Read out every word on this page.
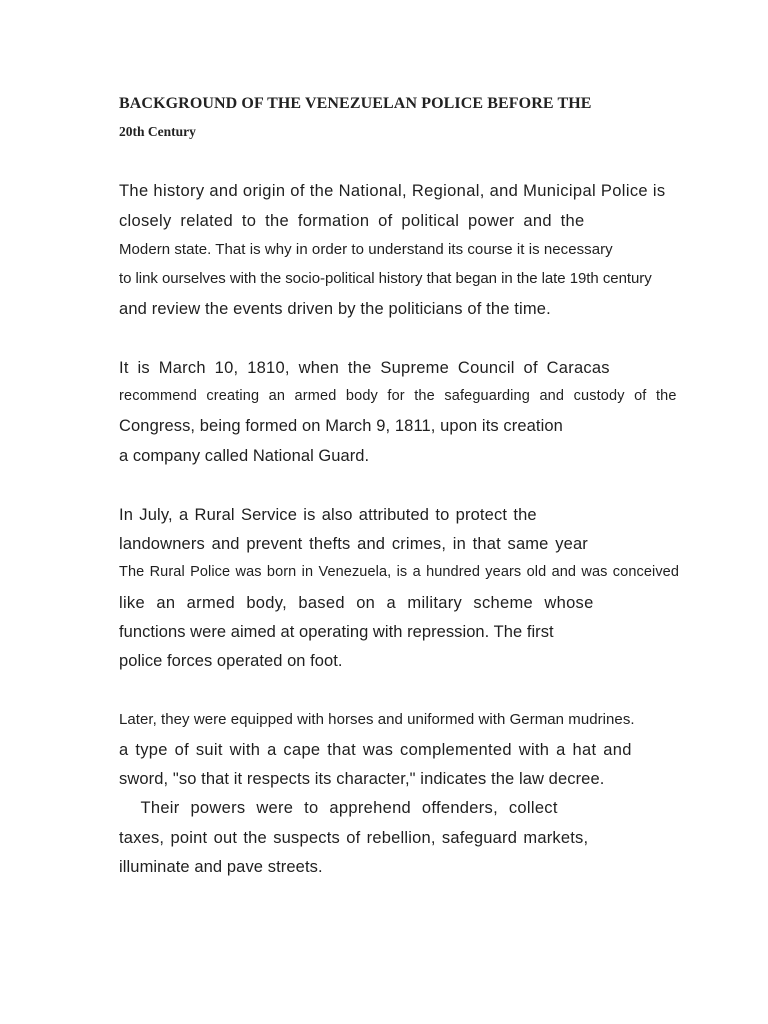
BACKGROUND OF THE VENEZUELAN POLICE BEFORE THE
20th Century
The history and origin of the National, Regional, and Municipal Police is
closely related to the formation of political power and the
Modern state. That is why in order to understand its course it is necessary
to link ourselves with the socio-political history that began in the late 19th century
and review the events driven by the politicians of the time.
It is March 10, 1810, when the Supreme Council of Caracas
recommend creating an armed body for the safeguarding and custody of the
Congress, being formed on March 9, 1811, upon its creation
a company called National Guard.
In July, a Rural Service is also attributed to protect the
landowners and prevent thefts and crimes, in that same year
The Rural Police was born in Venezuela, is a hundred years old and was conceived
like an armed body, based on a military scheme whose
functions were aimed at operating with repression. The first
police forces operated on foot.
Later, they were equipped with horses and uniformed with German mudrines.
a type of suit with a cape that was complemented with a hat and
sword, "so that it respects its character," indicates the law decree.
Their powers were to apprehend offenders, collect
taxes, point out the suspects of rebellion, safeguard markets,
illuminate and pave streets.
